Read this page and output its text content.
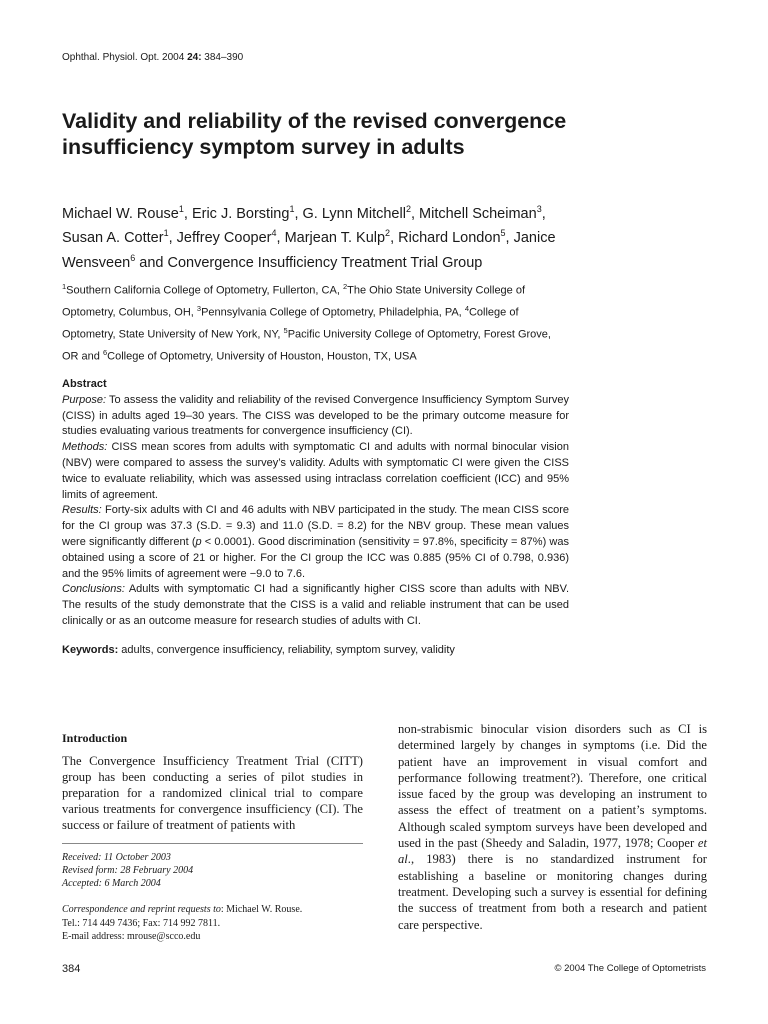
Ophthal. Physiol. Opt. 2004 24: 384–390
Validity and reliability of the revised convergence insufficiency symptom survey in adults
Michael W. Rouse$^1$, Eric J. Borsting$^1$, G. Lynn Mitchell$^2$, Mitchell Scheiman$^3$, Susan A. Cotter$^1$, Jeffrey Cooper$^4$, Marjean T. Kulp$^2$, Richard London$^5$, Janice Wensveen$^6$ and Convergence Insufficiency Treatment Trial Group
$^1$Southern California College of Optometry, Fullerton, CA, $^2$The Ohio State University College of Optometry, Columbus, OH, $^3$Pennsylvania College of Optometry, Philadelphia, PA, $^4$College of Optometry, State University of New York, NY, $^5$Pacific University College of Optometry, Forest Grove, OR and $^6$College of Optometry, University of Houston, Houston, TX, USA
Abstract
Purpose: To assess the validity and reliability of the revised Convergence Insufficiency Symptom Survey (CISS) in adults aged 19–30 years. The CISS was developed to be the primary outcome measure for studies evaluating various treatments for convergence insufficiency (CI).
Methods: CISS mean scores from adults with symptomatic CI and adults with normal binocular vision (NBV) were compared to assess the survey’s validity. Adults with symptomatic CI were given the CISS twice to evaluate reliability, which was assessed using intraclass correlation coefficient (ICC) and 95% limits of agreement.
Results: Forty-six adults with CI and 46 adults with NBV participated in the study. The mean CISS score for the CI group was 37.3 (S.D. = 9.3) and 11.0 (S.D. = 8.2) for the NBV group. These mean values were significantly different (p < 0.0001). Good discrimination (sensitivity = 97.8%, specificity = 87%) was obtained using a score of 21 or higher. For the CI group the ICC was 0.885 (95% CI of 0.798, 0.936) and the 95% limits of agreement were −9.0 to 7.6.
Conclusions: Adults with symptomatic CI had a significantly higher CISS score than adults with NBV. The results of the study demonstrate that the CISS is a valid and reliable instrument that can be used clinically or as an outcome measure for research studies of adults with CI.
Keywords: adults, convergence insufficiency, reliability, symptom survey, validity
Introduction
The Convergence Insufficiency Treatment Trial (CITT) group has been conducting a series of pilot studies in preparation for a randomized clinical trial to compare various treatments for convergence insufficiency (CI). The success or failure of treatment of patients with
Received: 11 October 2003
Revised form: 28 February 2004
Accepted: 6 March 2004
Correspondence and reprint requests to: Michael W. Rouse.
Tel.: 714 449 7436; Fax: 714 992 7811.
E-mail address: mrouse@scco.edu
non-strabismic binocular vision disorders such as CI is determined largely by changes in symptoms (i.e. Did the patient have an improvement in visual comfort and performance following treatment?). Therefore, one critical issue faced by the group was developing an instrument to assess the effect of treatment on a patient’s symptoms. Although scaled symptom surveys have been developed and used in the past (Sheedy and Saladin, 1977, 1978; Cooper et al., 1983) there is no standardized instrument for establishing a baseline or monitoring changes during treatment. Developing such a survey is essential for defining the success of treatment from both a research and patient care perspective.
384	© 2004 The College of Optometrists
